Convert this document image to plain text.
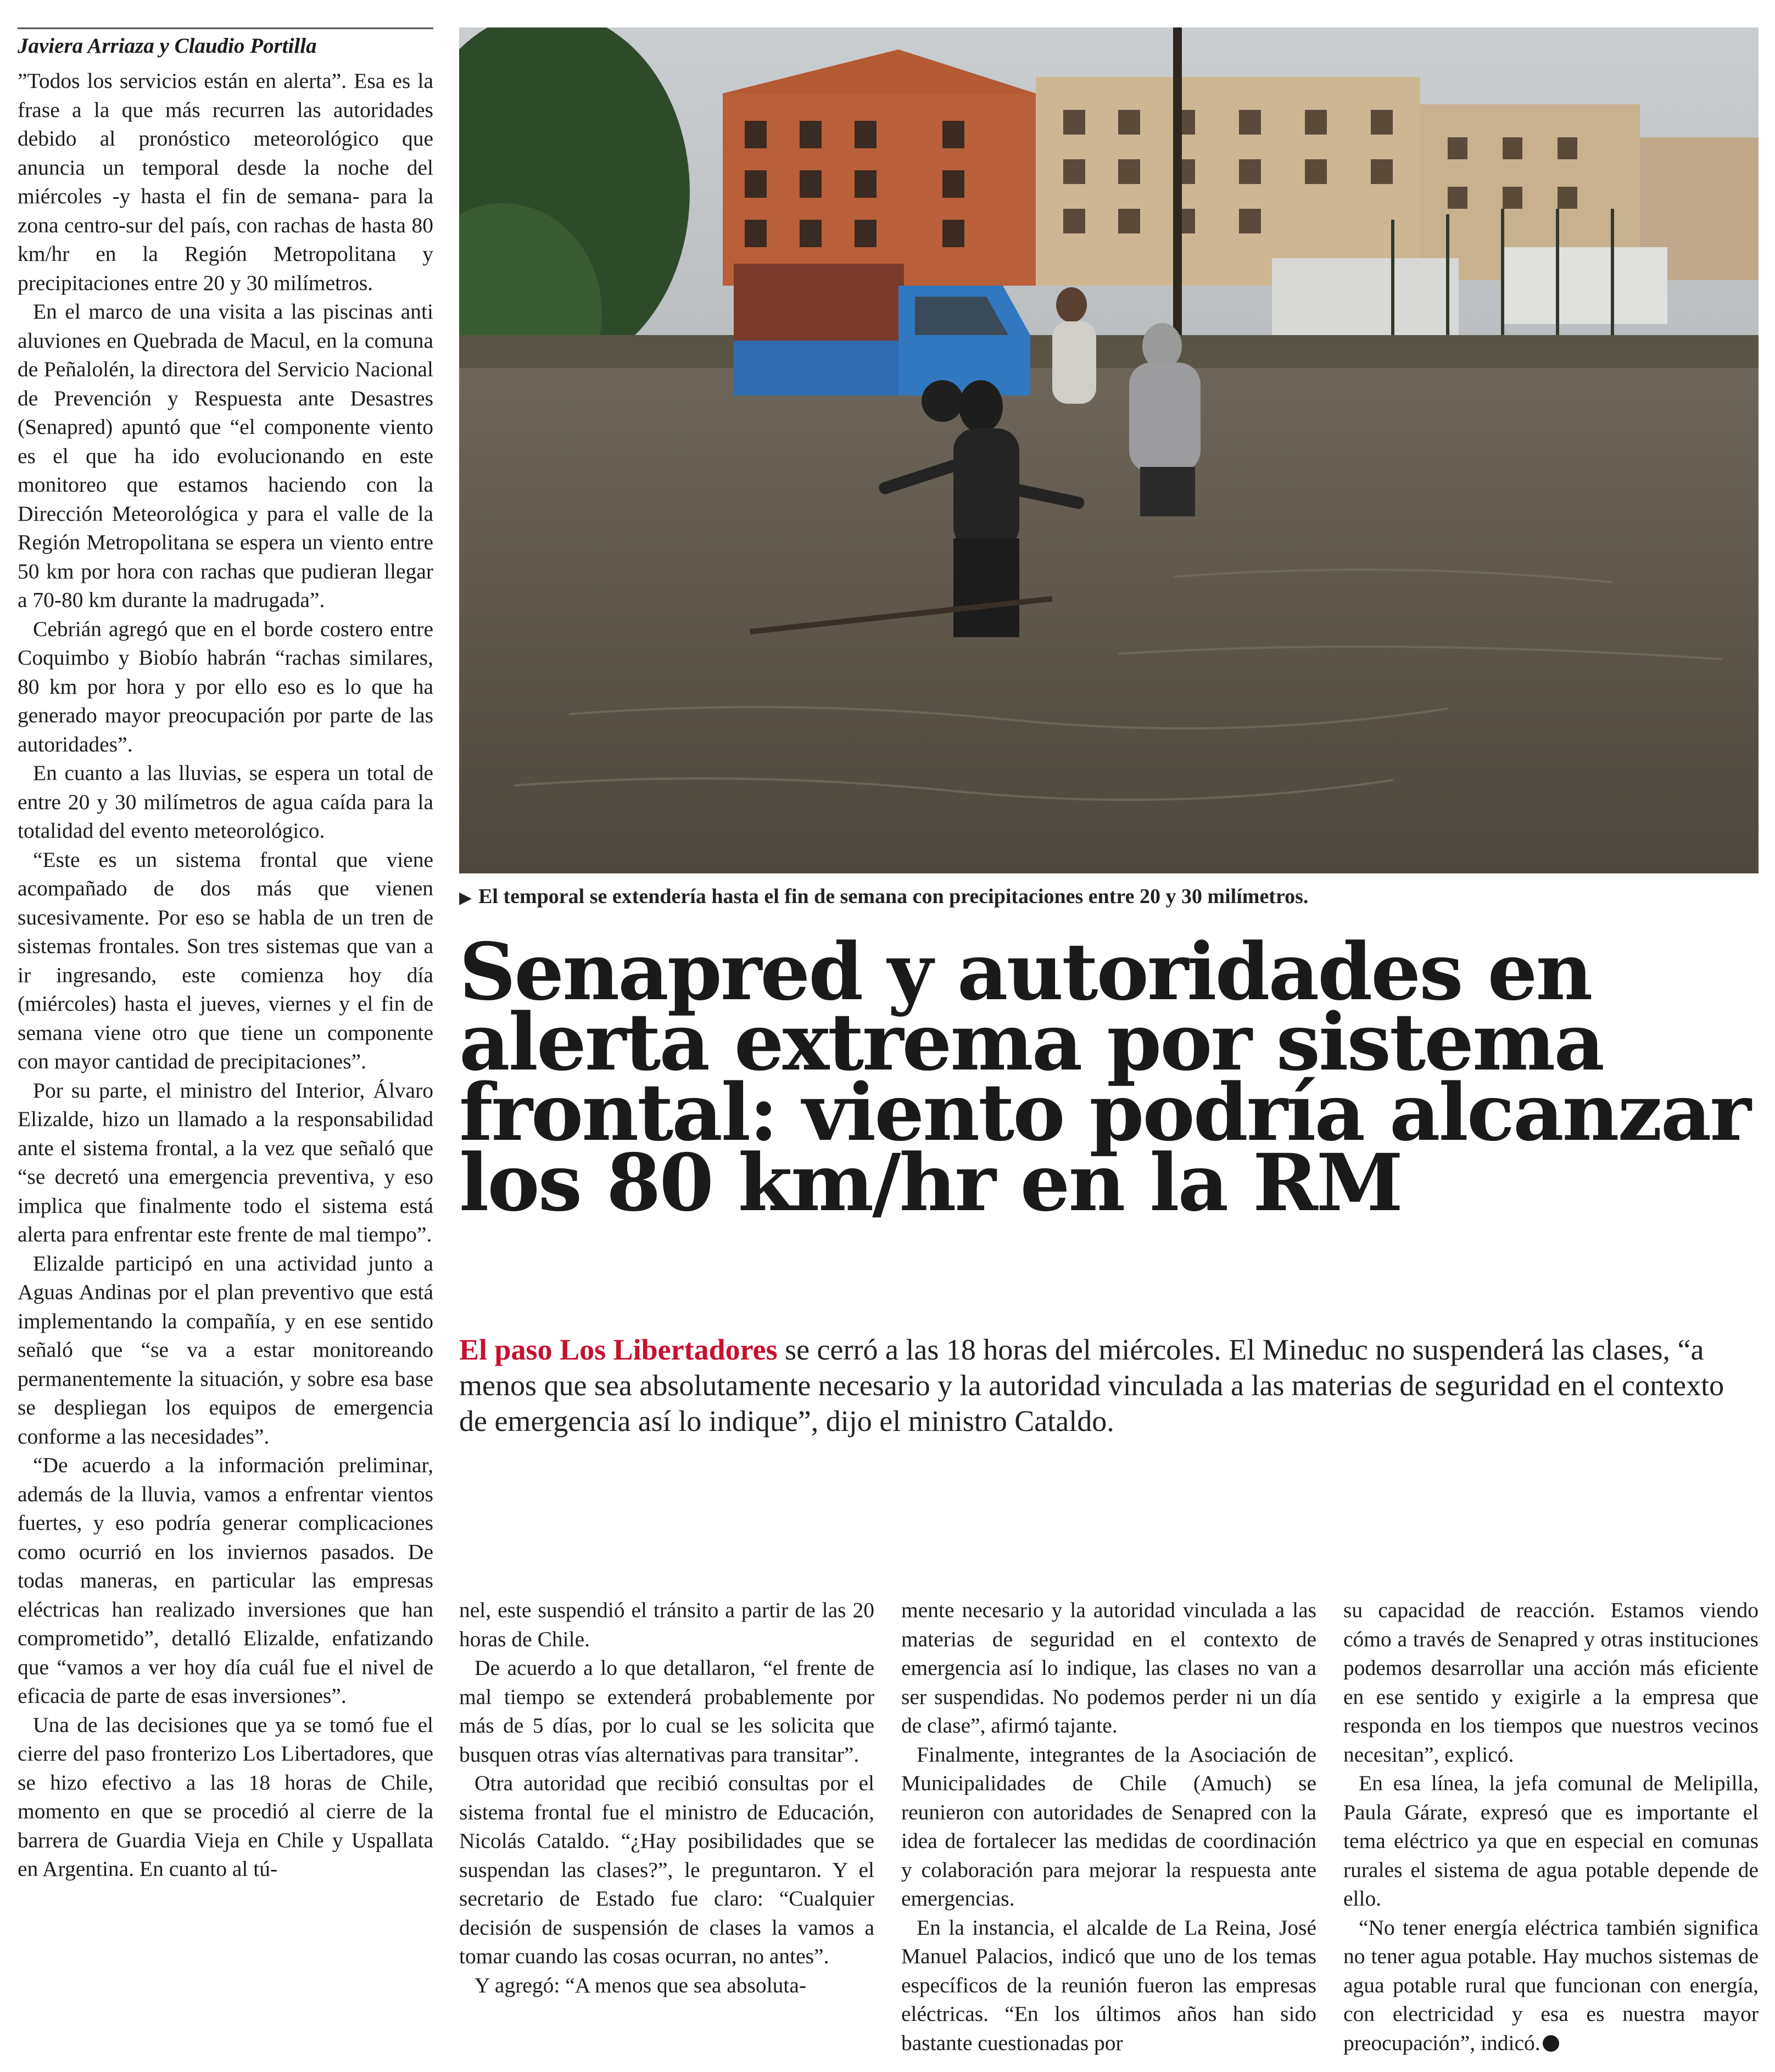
Javiera Arriaza y Claudio Portilla

”Todos los servicios están en alerta”. Esa es la frase a la que más recurren las autoridades debido al pronóstico meteorológico que anuncia un temporal desde la noche del miércoles -y hasta el fin de semana- para la zona centro-sur del país, con rachas de hasta 80 km/hr en la Región Metropolitana y precipitaciones entre 20 y 30 milímetros.

En el marco de una visita a las piscinas anti aluviones en Quebrada de Macul, en la comuna de Peñalolén, la directora del Servicio Nacional de Prevención y Respuesta ante Desastres (Senapred) apuntó que “el componente viento es el que ha ido evolucionando en este monitoreo que estamos haciendo con la Dirección Meteorológica y para el valle de la Región Metropolitana se espera un viento entre 50 km por hora con rachas que pudieran llegar a 70-80 km durante la madrugada”.

Cebrián agregó que en el borde costero entre Coquimbo y Biobío habrán “rachas similares, 80 km por hora y por ello eso es lo que ha generado mayor preocupación por parte de las autoridades”.

En cuanto a las lluvias, se espera un total de entre 20 y 30 milímetros de agua caída para la totalidad del evento meteorológico.

“Este es un sistema frontal que viene acompañado de dos más que vienen sucesivamente. Por eso se habla de un tren de sistemas frontales. Son tres sistemas que van a ir ingresando, este comienza hoy día (miércoles) hasta el jueves, viernes y el fin de semana viene otro que tiene un componente con mayor cantidad de precipitaciones”.

Por su parte, el ministro del Interior, Álvaro Elizalde, hizo un llamado a la responsabilidad ante el sistema frontal, a la vez que señaló que “se decretó una emergencia preventiva, y eso implica que finalmente todo el sistema está alerta para enfrentar este frente de mal tiempo”.

Elizalde participó en una actividad junto a Aguas Andinas por el plan preventivo que está implementando la compañía, y en ese sentido señaló que “se va a estar monitoreando permanentemente la situación, y sobre esa base se despliegan los equipos de emergencia conforme a las necesidades”.

“De acuerdo a la información preliminar, además de la lluvia, vamos a enfrentar vientos fuertes, y eso podría generar complicaciones como ocurrió en los inviernos pasados. De todas maneras, en particular las empresas eléctricas han realizado inversiones que han comprometido”, detalló Elizalde, enfatizando que “vamos a ver hoy día cuál fue el nivel de eficacia de parte de esas inversiones”.

Una de las decisiones que ya se tomó fue el cierre del paso fronterizo Los Libertadores, que se hizo efectivo a las 18 horas de Chile, momento en que se procedió al cierre de la barrera de Guardia Vieja en Chile y Uspallata en Argentina. En cuanto al tú-

▶ El temporal se extendería hasta el fin de semana con precipitaciones entre 20 y 30 milímetros.
Senapred y autoridades en alerta extrema por sistema frontal: viento podría alcanzar los 80 km/hr en la RM

El paso Los Libertadores se cerró a las 18 horas del miércoles. El Mineduc no suspenderá las clases, “a menos que sea absolutamente necesario y la autoridad vinculada a las materias de seguridad en el contexto de emergencia así lo indique”, dijo el ministro Cataldo.

nel, este suspendió el tránsito a partir de las 20 horas de Chile.

De acuerdo a lo que detallaron, “el frente de mal tiempo se extenderá probablemente por más de 5 días, por lo cual se les solicita que busquen otras vías alternativas para transitar”.

Otra autoridad que recibió consultas por el sistema frontal fue el ministro de Educación, Nicolás Cataldo. “¿Hay posibilidades que se suspendan las clases?”, le preguntaron. Y el secretario de Estado fue claro: “Cualquier decisión de suspensión de clases la vamos a tomar cuando las cosas ocurran, no antes”.

Y agregó: “A menos que sea absoluta-

mente necesario y la autoridad vinculada a las materias de seguridad en el contexto de emergencia así lo indique, las clases no van a ser suspendidas. No podemos perder ni un día de clase”, afirmó tajante.

Finalmente, integrantes de la Asociación de Municipalidades de Chile (Amuch) se reunieron con autoridades de Senapred con la idea de fortalecer las medidas de coordinación y colaboración para mejorar la respuesta ante emergencias.

En la instancia, el alcalde de La Reina, José Manuel Palacios, indicó que uno de los temas específicos de la reunión fueron las empresas eléctricas. “En los últimos años han sido bastante cuestionadas por

su capacidad de reacción. Estamos viendo cómo a través de Senapred y otras instituciones podemos desarrollar una acción más eficiente en ese sentido y exigirle a la empresa que responda en los tiempos que nuestros vecinos necesitan”, explicó.

En esa línea, la jefa comunal de Melipilla, Paula Gárate, expresó que es importante el tema eléctrico ya que en especial en comunas rurales el sistema de agua potable depende de ello.

“No tener energía eléctrica también significa no tener agua potable. Hay muchos sistemas de agua potable rural que funcionan con energía, con electricidad y esa es nuestra mayor preocupación”, indicó.
